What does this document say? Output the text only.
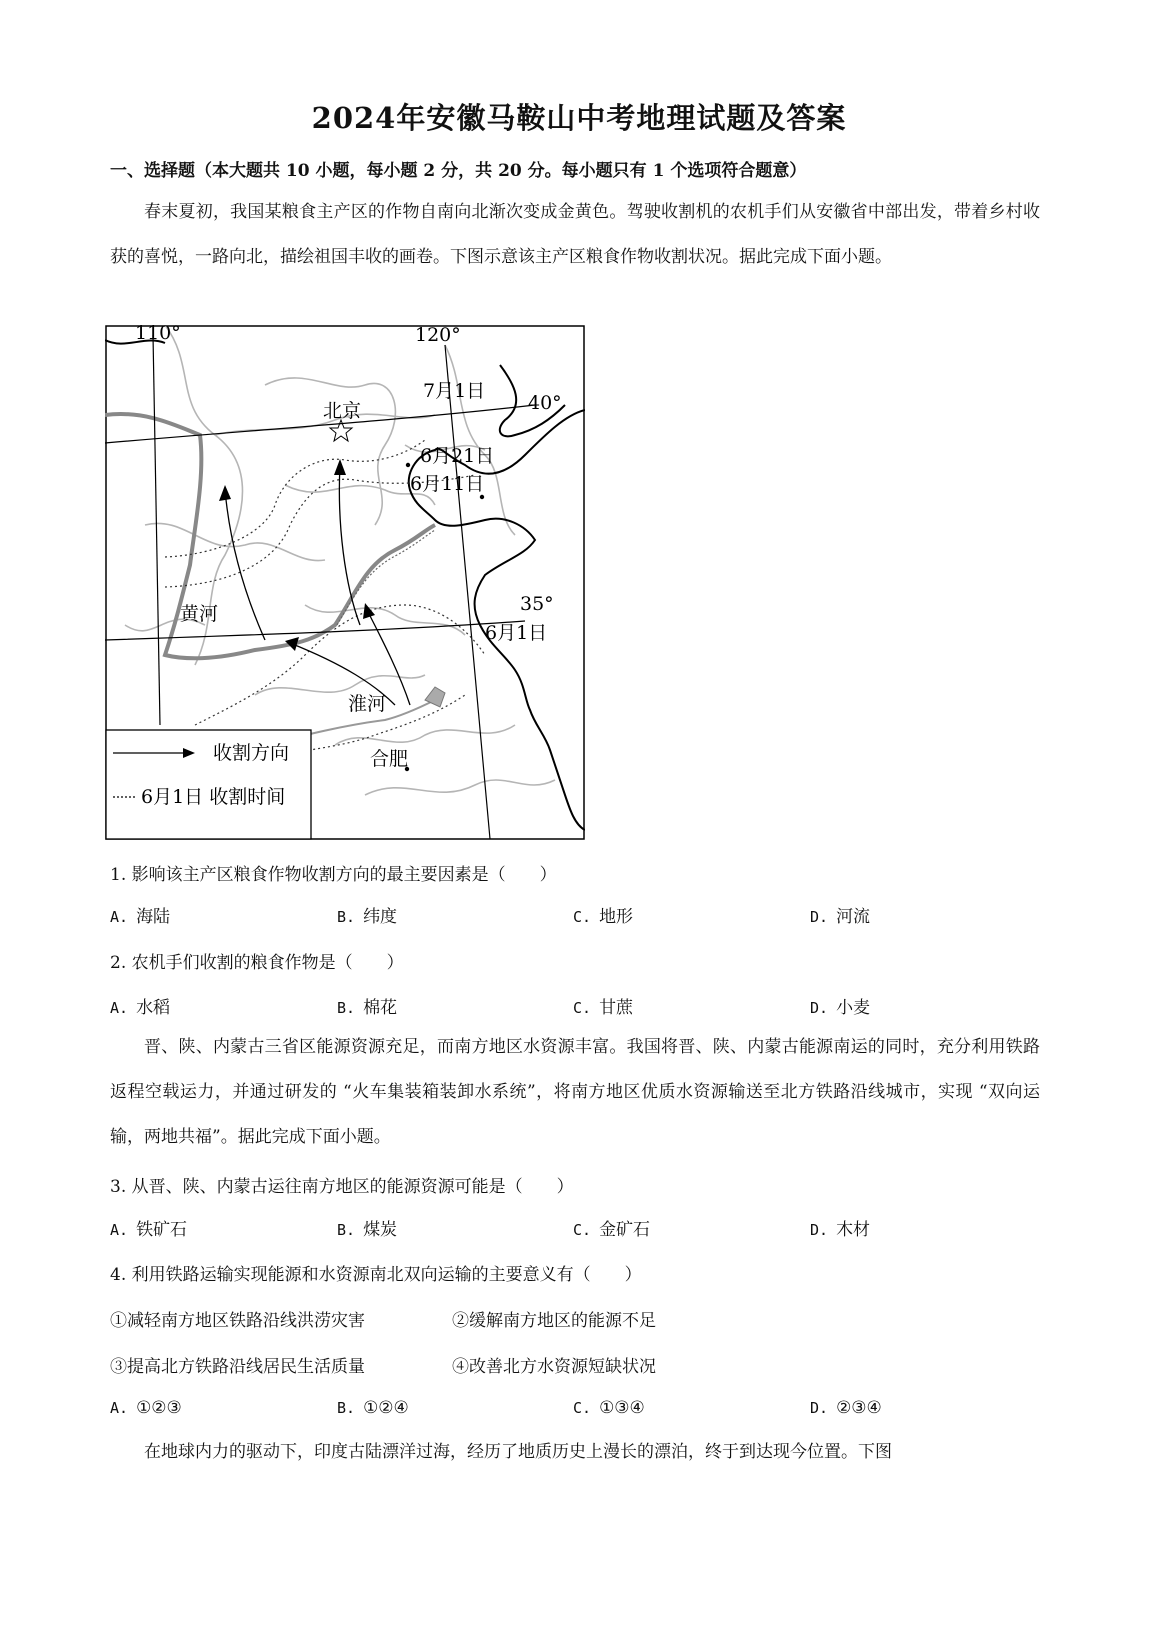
2024年安徽马鞍山中考地理试题及答案
一、选择题（本大题共 10 小题，每小题 2 分，共 20 分。每小题只有 1 个选项符合题意）
春末夏初，我国某粮食主产区的作物自南向北渐次变成金黄色。驾驶收割机的农机手们从安徽省中部出发，带着乡村收获的喜悦，一路向北，描绘祖国丰收的画卷。下图示意该主产区粮食作物收割状况。据此完成下面小题。
110°	120°
40°
35°
北京
7月1日
6月21日
6月11日
6月1日
黄河
淮河
合肥
收割方向
6月1日 收割时间
1. 影响该主产区粮食作物收割方向的最主要因素是（　　）
A. 海陆	B. 纬度	C. 地形	D. 河流
2. 农机手们收割的粮食作物是（　　）
A. 水稻	B. 棉花	C. 甘蔗	D. 小麦
晋、陕、内蒙古三省区能源资源充足，而南方地区水资源丰富。我国将晋、陕、内蒙古能源南运的同时，充分利用铁路返程空载运力，并通过研发的 “火车集装箱装卸水系统”，将南方地区优质水资源输送至北方铁路沿线城市，实现 “双向运输，两地共福”。据此完成下面小题。
3. 从晋、陕、内蒙古运往南方地区的能源资源可能是（　　）
A. 铁矿石	B. 煤炭	C. 金矿石	D. 木材
4. 利用铁路运输实现能源和水资源南北双向运输的主要意义有（　　）
①减轻南方地区铁路沿线洪涝灾害	②缓解南方地区的能源不足
③提高北方铁路沿线居民生活质量	④改善北方水资源短缺状况
A. ①②③	B. ①②④	C. ①③④	D. ②③④
在地球内力的驱动下，印度古陆漂洋过海，经历了地质历史上漫长的漂泊，终于到达现今位置。下图
